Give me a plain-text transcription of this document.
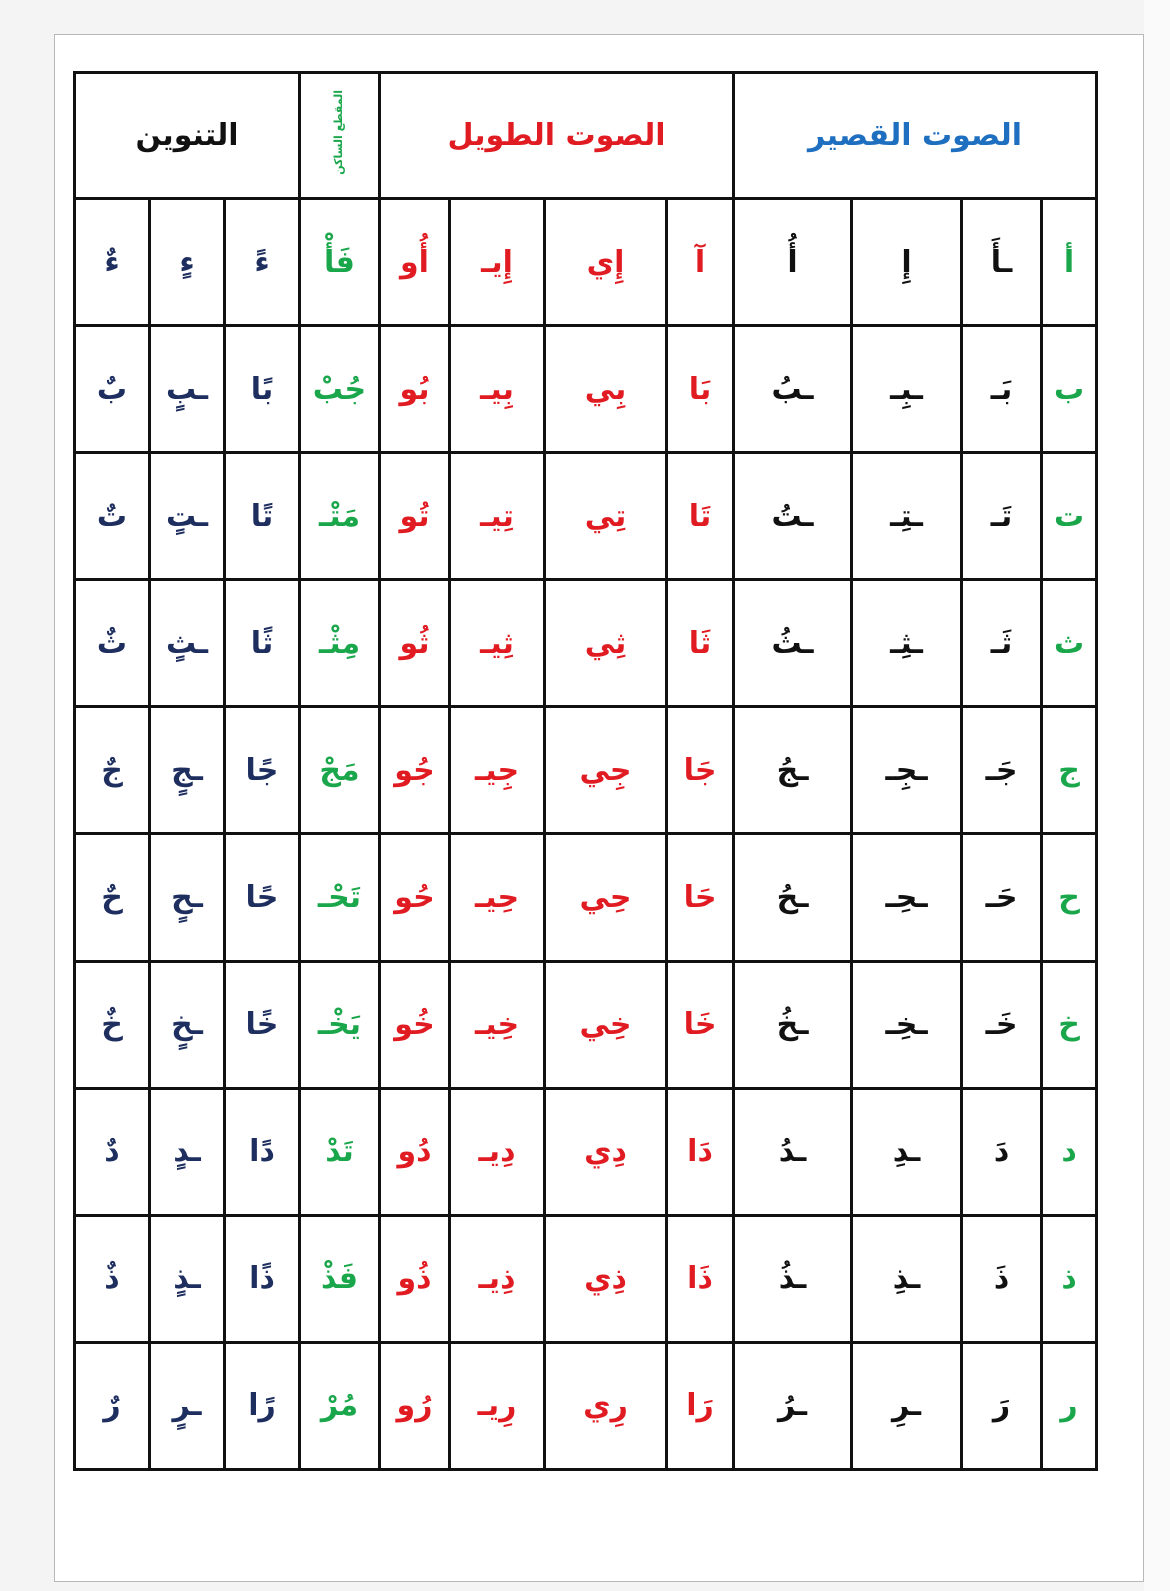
الصوت القصير				الصوت الطويل				المقطع الساكن	التنوين		
أ	ـأَ	إِ	أُ	آ	إِي	إِيـ	أُو	فَأْ	ءً	ءٍ	ءٌ
ب	بَـ	ـبِـ	ـبُ	بَا	بِي	بِيـ	بُو	جُبْ	بًا	ـبٍ	بٌ
ت	تَـ	ـتِـ	ـتُ	تَا	تِي	تِيـ	تُو	مَتْـ	تًا	ـتٍ	تٌ
ث	ثَـ	ـثِـ	ـثُ	ثَا	ثِي	ثِيـ	ثُو	مِثْـ	ثًا	ـثٍ	ثٌ
ج	جَـ	ـجِـ	ـجُ	جَا	جِي	جِيـ	جُو	مَجْ	جًا	ـجٍ	جٌ
ح	حَـ	ـحِـ	ـحُ	حَا	حِي	حِيـ	حُو	تَحْـ	حًا	ـحٍ	حٌ
خ	خَـ	ـخِـ	ـخُ	خَا	خِي	خِيـ	خُو	يَخْـ	خًا	ـخٍ	خٌ
د	دَ	ـدِ	ـدُ	دَا	دِي	دِيـ	دُو	تَدْ	دًا	ـدٍ	دٌ
ذ	ذَ	ـذِ	ـذُ	ذَا	ذِي	ذِيـ	ذُو	فَذْ	ذًا	ـذٍ	ذٌ
ر	رَ	ـرِ	ـرُ	رَا	رِي	رِيـ	رُو	مُرْ	رًا	ـرٍ	رٌ
